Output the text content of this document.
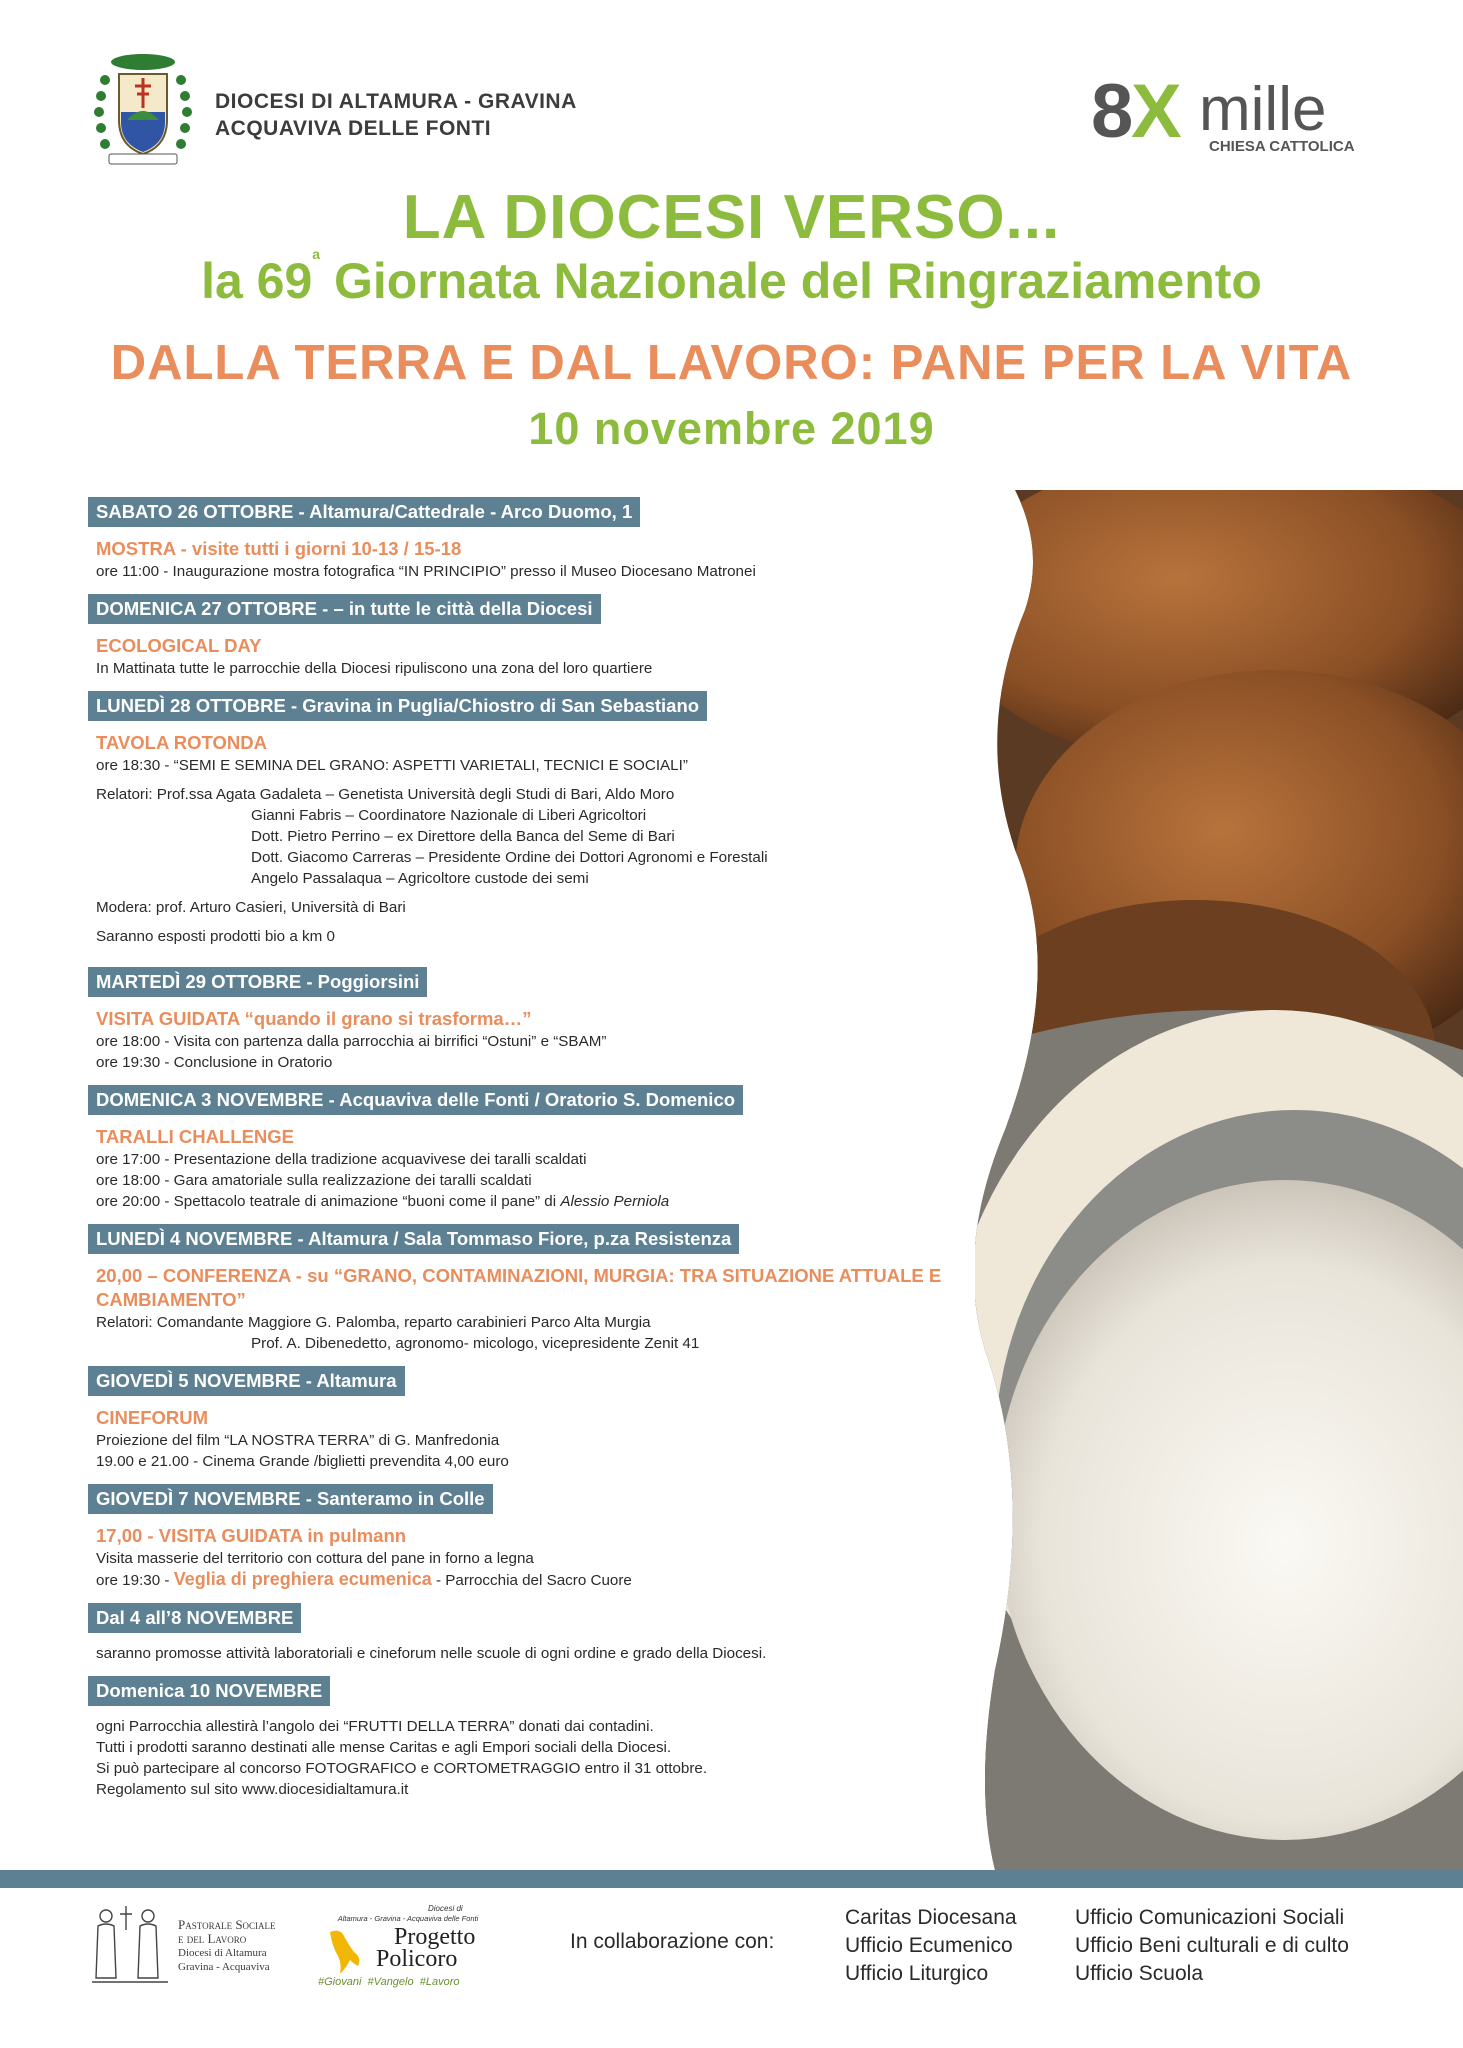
DIOCESI DI ALTAMURA - GRAVINA
ACQUAVIVA DELLE FONTI	8
X mille
CHIESA CATTOLICA
LA DIOCESI VERSO...
la 69$^a$ Giornata Nazionale del Ringraziamento
DALLA TERRA E DAL LAVORO: PANE PER LA VITA
10 novembre 2019
SABATO 26 OTTOBRE - Altamura/Cattedrale - Arco Duomo, 1
MOSTRA - visite tutti i giorni 10-13 / 15-18
ore 11:00 - Inaugurazione mostra fotografica “IN PRINCIPIO” presso il Museo Diocesano Matronei
DOMENICA 27 OTTOBRE - – in tutte le città della Diocesi
ECOLOGICAL DAY
In Mattinata tutte le parrocchie della Diocesi ripuliscono una zona del loro quartiere
LUNEDÌ 28 OTTOBRE - Gravina in Puglia/Chiostro di San Sebastiano
TAVOLA ROTONDA
ore 18:30 - “SEMI E SEMINA DEL GRANO: ASPETTI VARIETALI, TECNICI E SOCIALI”
Relatori: Prof.ssa Agata Gadaleta – Genetista Università degli Studi di Bari, Aldo Moro
Gianni Fabris – Coordinatore Nazionale di Liberi Agricoltori
Dott. Pietro Perrino – ex Direttore della Banca del Seme di Bari
Dott. Giacomo Carreras – Presidente Ordine dei Dottori Agronomi e Forestali
Angelo Passalaqua – Agricoltore custode dei semi
Modera: prof. Arturo Casieri, Università di Bari
Saranno esposti prodotti bio a km 0
MARTEDÌ 29 OTTOBRE - Poggiorsini
VISITA GUIDATA “quando il grano si trasforma…”
ore 18:00 - Visita con partenza dalla parrocchia ai birrifici “Ostuni” e “SBAM”
ore 19:30 - Conclusione in Oratorio
DOMENICA 3 NOVEMBRE - Acquaviva delle Fonti / Oratorio S. Domenico
TARALLI CHALLENGE
ore 17:00 - Presentazione della tradizione acquavivese dei taralli scaldati
ore 18:00 - Gara amatoriale sulla realizzazione dei taralli scaldati
ore 20:00 - Spettacolo teatrale di animazione “buoni come il pane” di Alessio Perniola
LUNEDÌ 4 NOVEMBRE - Altamura / Sala Tommaso Fiore, p.za Resistenza
20,00 – CONFERENZA - su “GRANO, CONTAMINAZIONI, MURGIA: TRA SITUAZIONE ATTUALE E CAMBIAMENTO”
Relatori: Comandante Maggiore G. Palomba, reparto carabinieri Parco Alta Murgia
Prof. A. Dibenedetto, agronomo- micologo, vicepresidente Zenit 41
GIOVEDÌ 5 NOVEMBRE - Altamura
CINEFORUM
Proiezione del film “LA NOSTRA TERRA” di G. Manfredonia
19.00 e 21.00 - Cinema Grande /biglietti prevendita 4,00 euro
GIOVEDÌ 7 NOVEMBRE - Santeramo in Colle
17,00 - VISITA GUIDATA in pulmann
Visita masserie del territorio con cottura del pane in forno a legna
ore 19:30 - Veglia di preghiera ecumenica - Parrocchia del Sacro Cuore
Dal 4 all’8 NOVEMBRE
saranno promosse attività laboratoriali e cineforum nelle scuole di ogni ordine e grado della Diocesi.
Domenica 10 NOVEMBRE
ogni Parrocchia allestirà l’angolo dei “FRUTTI DELLA TERRA” donati dai contadini.
Tutti i prodotti saranno destinati alle mense Caritas e agli Empori sociali della Diocesi.
Si può partecipare al concorso FOTOGRAFICO e CORTOMETRAGGIO entro il 31 ottobre.
Regolamento sul sito www.diocesidialtamura.it
Pastorale Sociale
e del Lavoro
Diocesi di Altamura
Gravina - Acquaviva
Diocesi di
Altamura - Gravina - Acquaviva delle Fonti
Progetto
Policoro
#Giovani  #Vangelo  #Lavoro
In collaborazione con:
Caritas Diocesana
Ufficio Ecumenico
Ufficio Liturgico
Ufficio Comunicazioni Sociali
Ufficio Beni culturali e di culto
Ufficio Scuola
